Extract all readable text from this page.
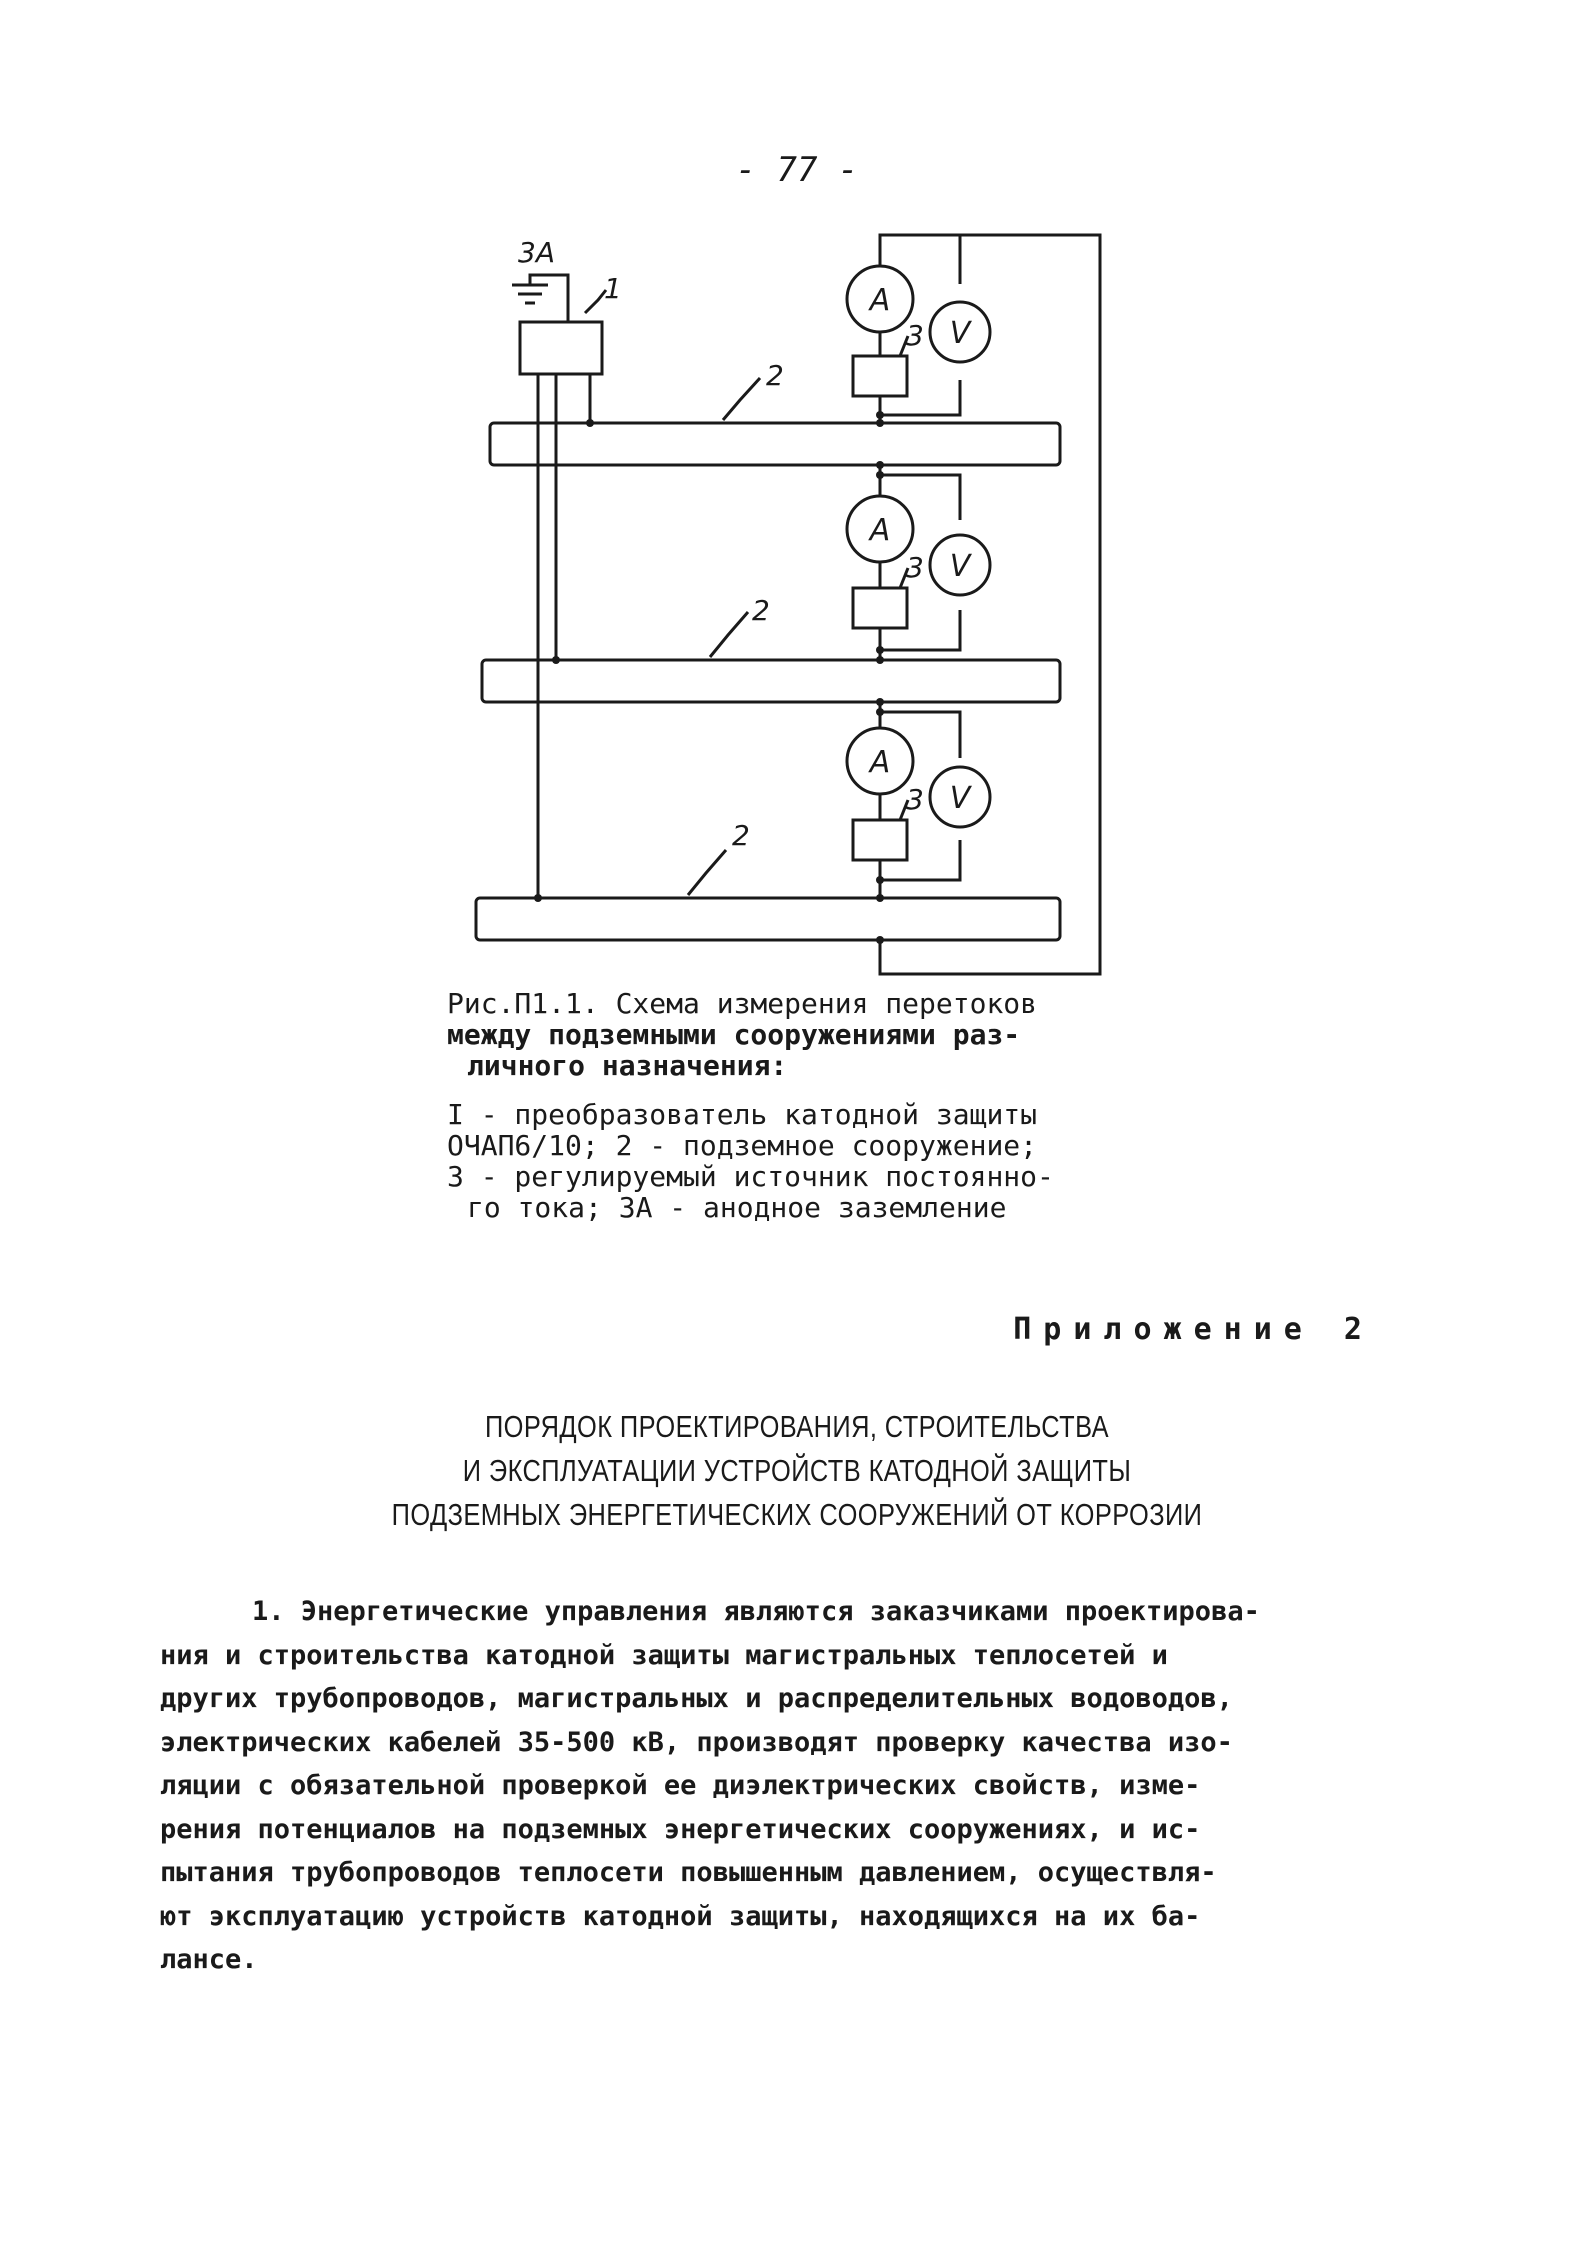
- 77 -
3A
1
2
2
2
3
3
3
A
V
A
V
A
V
Рис.П1.1. Схема измерения перетоков
между подземными сооружениями раз-
личного назначения:
I - преобразователь катодной защиты
ОЧАП6/10; 2 - подземное сооружение;
3 - регулируемый источник постоянно-
го тока; 3А - анодное заземление
Приложение 2
ПОРЯДОК ПРОЕКТИРОВАНИЯ, СТРОИТЕЛЬСТВА
И ЭКСПЛУАТАЦИИ УСТРОЙСТВ КАТОДНОЙ ЗАЩИТЫ
ПОДЗЕМНЫХ ЭНЕРГЕТИЧЕСКИХ СООРУЖЕНИЙ ОТ КОРРОЗИИ
1. Энергетические управления являются заказчиками проектирова-
ния и строительства катодной защиты магистральных теплосетей и
других трубопроводов, магистральных и распределительных водоводов,
электрических кабелей 35-500 кВ, производят проверку качества изо-
ляции с обязательной проверкой ее диэлектрических свойств, изме-
рения потенциалов на подземных энергетических сооружениях, и ис-
пытания трубопроводов теплосети повышенным давлением, осуществля-
ют эксплуатацию устройств катодной защиты, находящихся на их ба-
лансе.
